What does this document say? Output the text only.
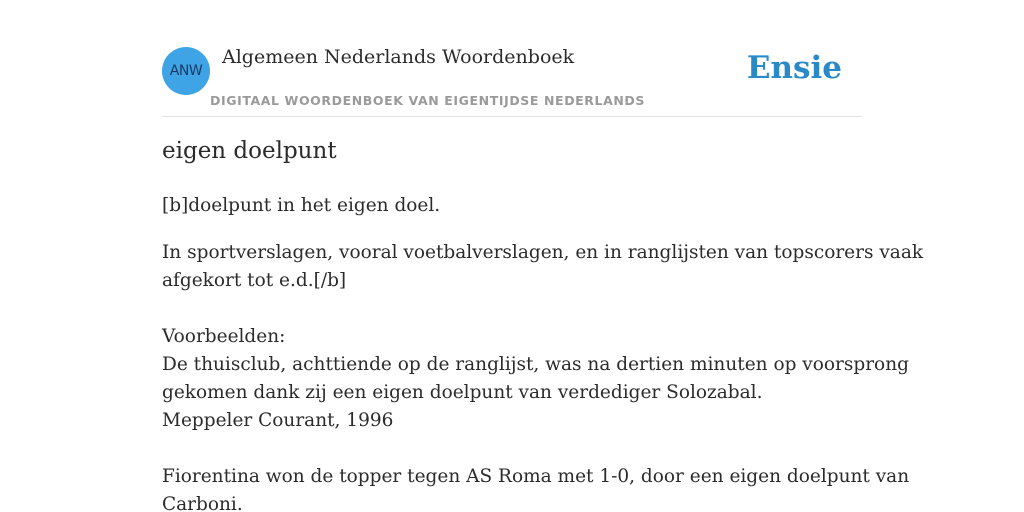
ANW
Algemeen Nederlands Woordenboek
DIGITAAL WOORDENBOEK VAN EIGENTIJDSE NEDERLANDS
Ensie
eigen doelpunt

[b]doelpunt in het eigen doel.

In sportverslagen, vooral voetbalverslagen, en in ranglijsten van topscorers vaak
afgekort tot e.d.[/b]
Voorbeelden:
De thuisclub, achttiende op de ranglijst, was na dertien minuten op voorsprong
gekomen dank zij een eigen doelpunt van verdediger Solozabal.
Meppeler Courant, 1996
Fiorentina won de topper tegen AS Roma met 1-0, door een eigen doelpunt van
Carboni.
